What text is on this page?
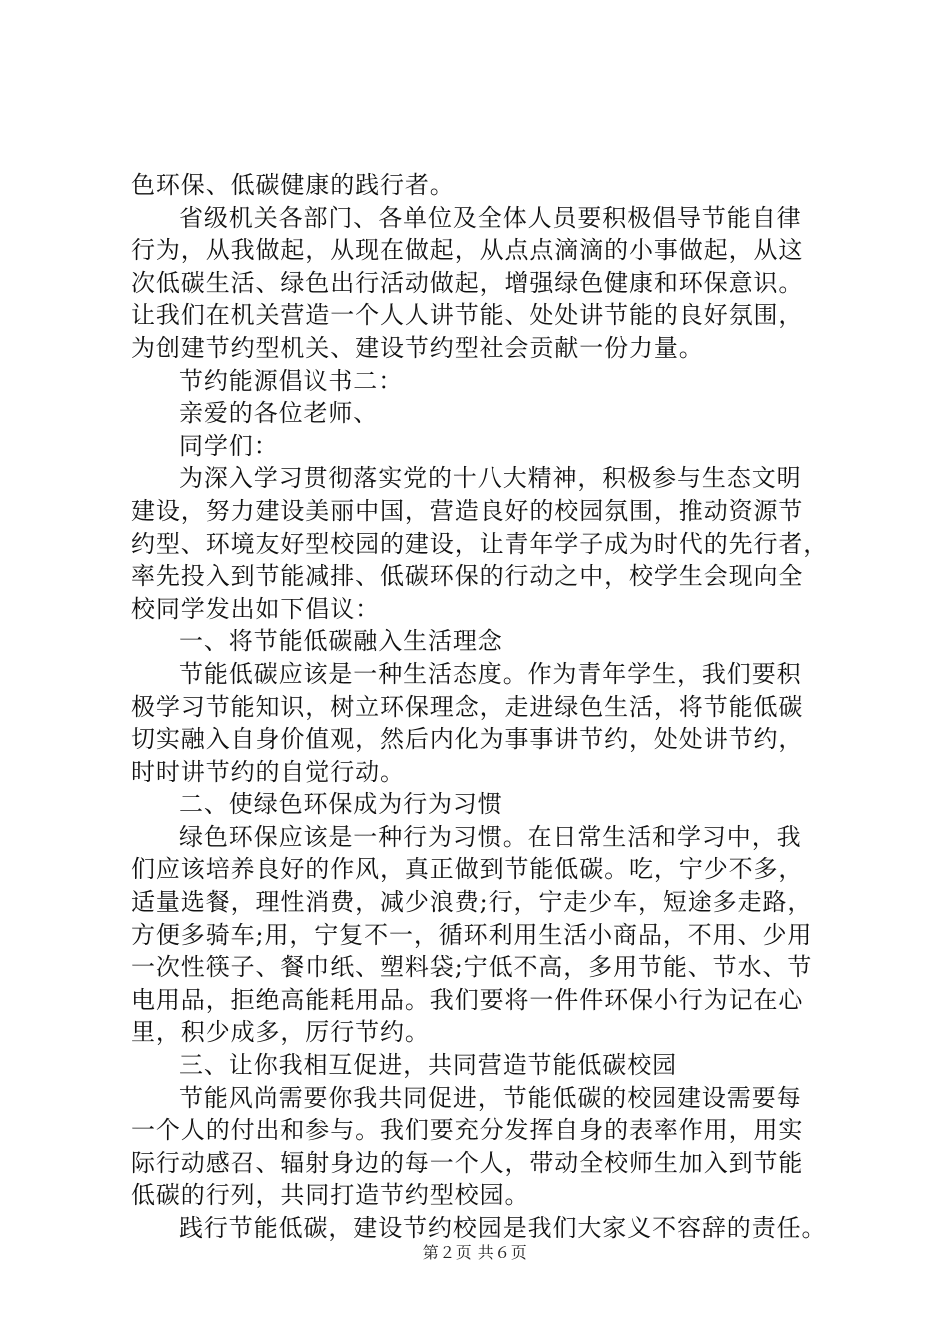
色环保、低碳健康的践行者。
省级机关各部门、各单位及全体人员要积极倡导节能自律
行为，从我做起，从现在做起，从点点滴滴的小事做起，从这
次低碳生活、绿色出行活动做起，增强绿色健康和环保意识。
让我们在机关营造一个人人讲节能、处处讲节能的良好氛围，
为创建节约型机关、建设节约型社会贡献一份力量。
节约能源倡议书二：
亲爱的各位老师、
同学们：
为深入学习贯彻落实党的十八大精神，积极参与生态文明
建设，努力建设美丽中国，营造良好的校园氛围，推动资源节
约型、环境友好型校园的建设，让青年学子成为时代的先行者，
率先投入到节能减排、低碳环保的行动之中，校学生会现向全
校同学发出如下倡议：
一、将节能低碳融入生活理念
节能低碳应该是一种生活态度。作为青年学生，我们要积
极学习节能知识，树立环保理念，走进绿色生活，将节能低碳
切实融入自身价值观，然后内化为事事讲节约，处处讲节约，
时时讲节约的自觉行动。
二、使绿色环保成为行为习惯
绿色环保应该是一种行为习惯。在日常生活和学习中，我
们应该培养良好的作风，真正做到节能低碳。吃，宁少不多，
适量选餐，理性消费，减少浪费;行，宁走少车，短途多走路，
方便多骑车;用，宁复不一，循环利用生活小商品，不用、少用
一次性筷子、餐巾纸、塑料袋;宁低不高，多用节能、节水、节
电用品，拒绝高能耗用品。我们要将一件件环保小行为记在心
里，积少成多，厉行节约。
三、让你我相互促进，共同营造节能低碳校园
节能风尚需要你我共同促进，节能低碳的校园建设需要每
一个人的付出和参与。我们要充分发挥自身的表率作用，用实
际行动感召、辐射身边的每一个人，带动全校师生加入到节能
低碳的行列，共同打造节约型校园。
践行节能低碳，建设节约校园是我们大家义不容辞的责任。
第２页 共６页
